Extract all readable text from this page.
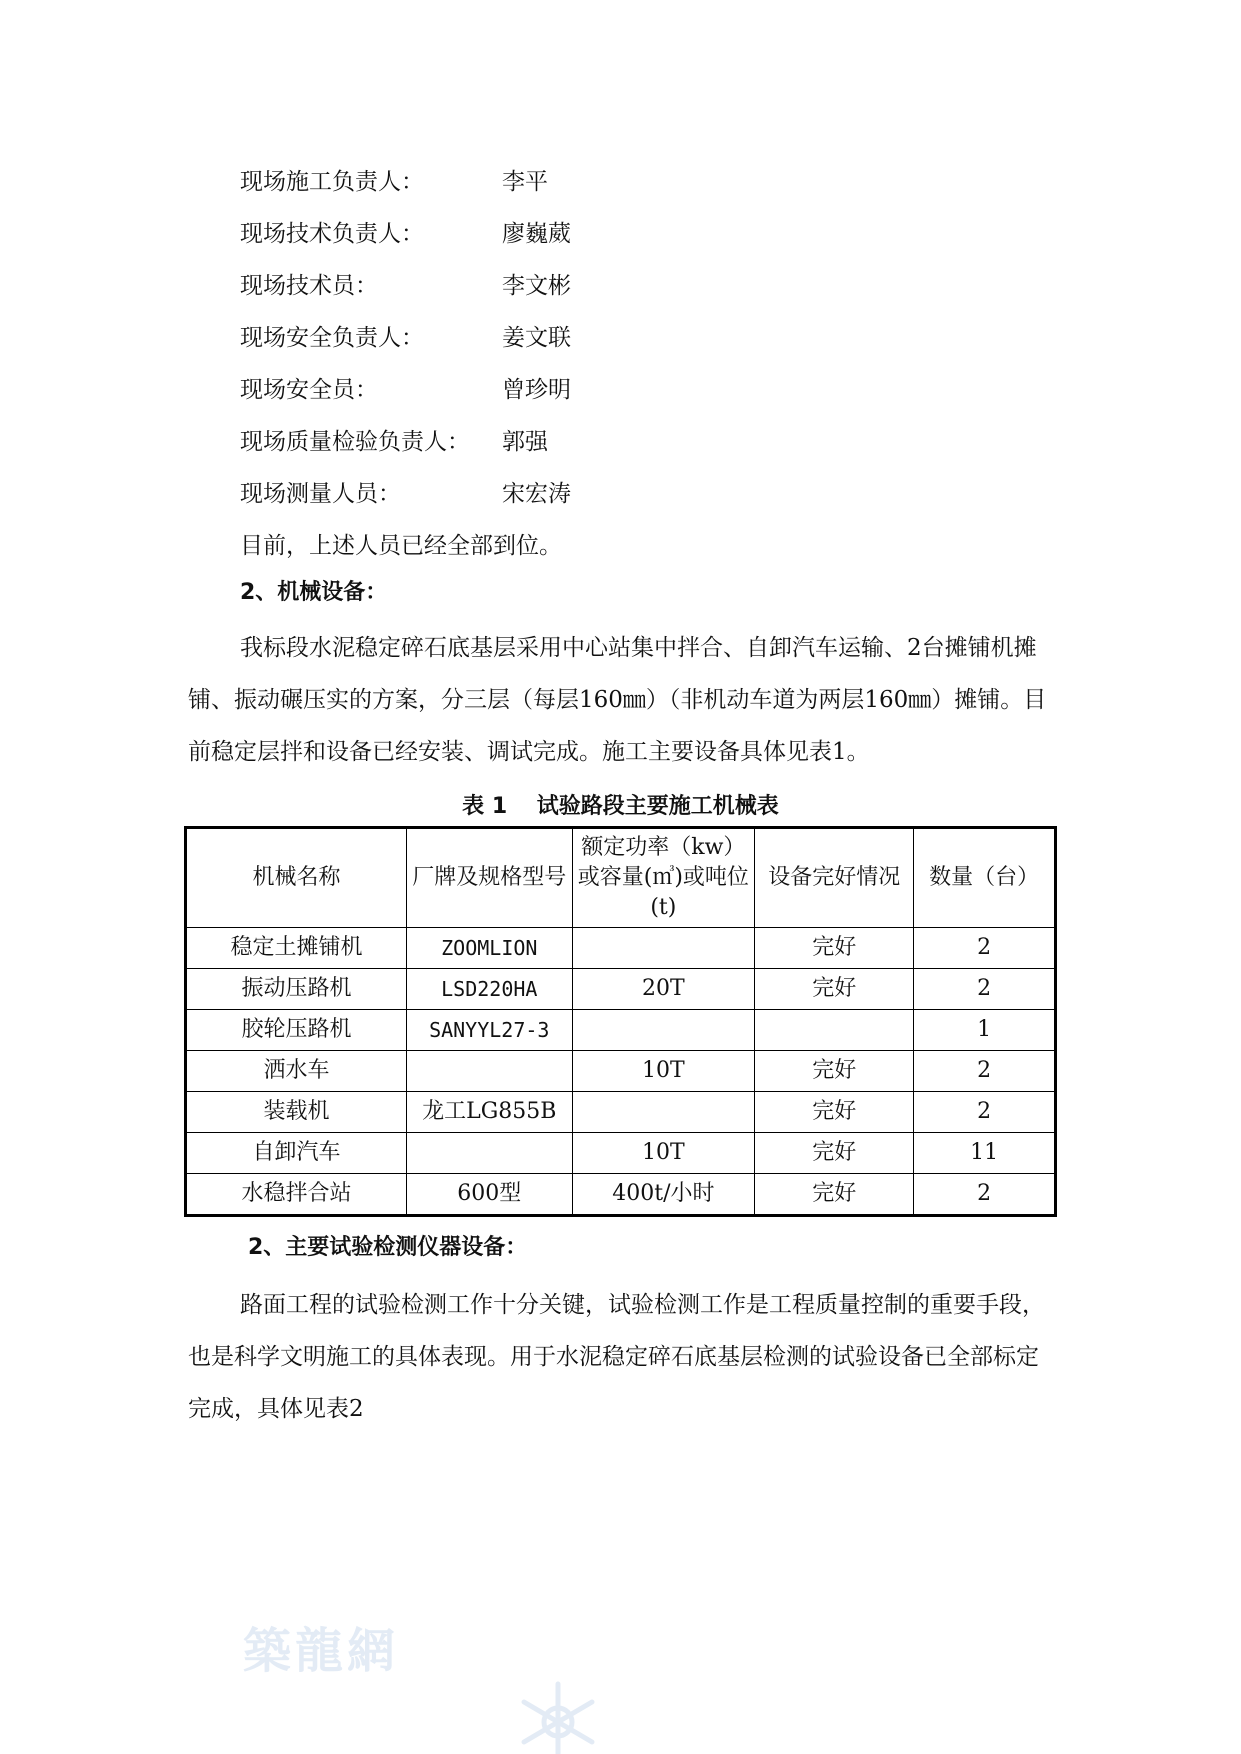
现场施工负责人：	李平
现场技术负责人：	廖巍葳
现场技术员：	李文彬
现场安全负责人：	姜文联
现场安全员：	曾珍明
现场质量检验负责人： 郭强
现场测量人员：	宋宏涛
目前，上述人员已经全部到位。
2、机械设备：
我标段水泥稳定碎石底基层采用中心站集中拌合、自卸汽车运输、2台摊铺机摊铺、振动碾压实的方案，分三层（每层160㎜）（非机动车道为两层160㎜）摊铺。目前稳定层拌和设备已经安装、调试完成。施工主要设备具体见表1。
表 1　 试验路段主要施工机械表
机械名称	厂牌及规格型号	额定功率（kw）或容量(㎥)或吨位(t)	设备完好情况	数量（台）
稳定土摊铺机	ZOOMLION		完好	2
振动压路机	LSD220HA	20T	完好	2
胶轮压路机	SANYYL27-3			1
洒水车		10T	完好	2
装载机	龙工LG855B		完好	2
自卸汽车		10T	完好	11
水稳拌合站	600型	400t/小时	完好	2
2、主要试验检测仪器设备：
路面工程的试验检测工作十分关键，试验检测工作是工程质量控制的重要手段，也是科学文明施工的具体表现。用于水泥稳定碎石底基层检测的试验设备已全部标定完成，具体见表2
築龍網
